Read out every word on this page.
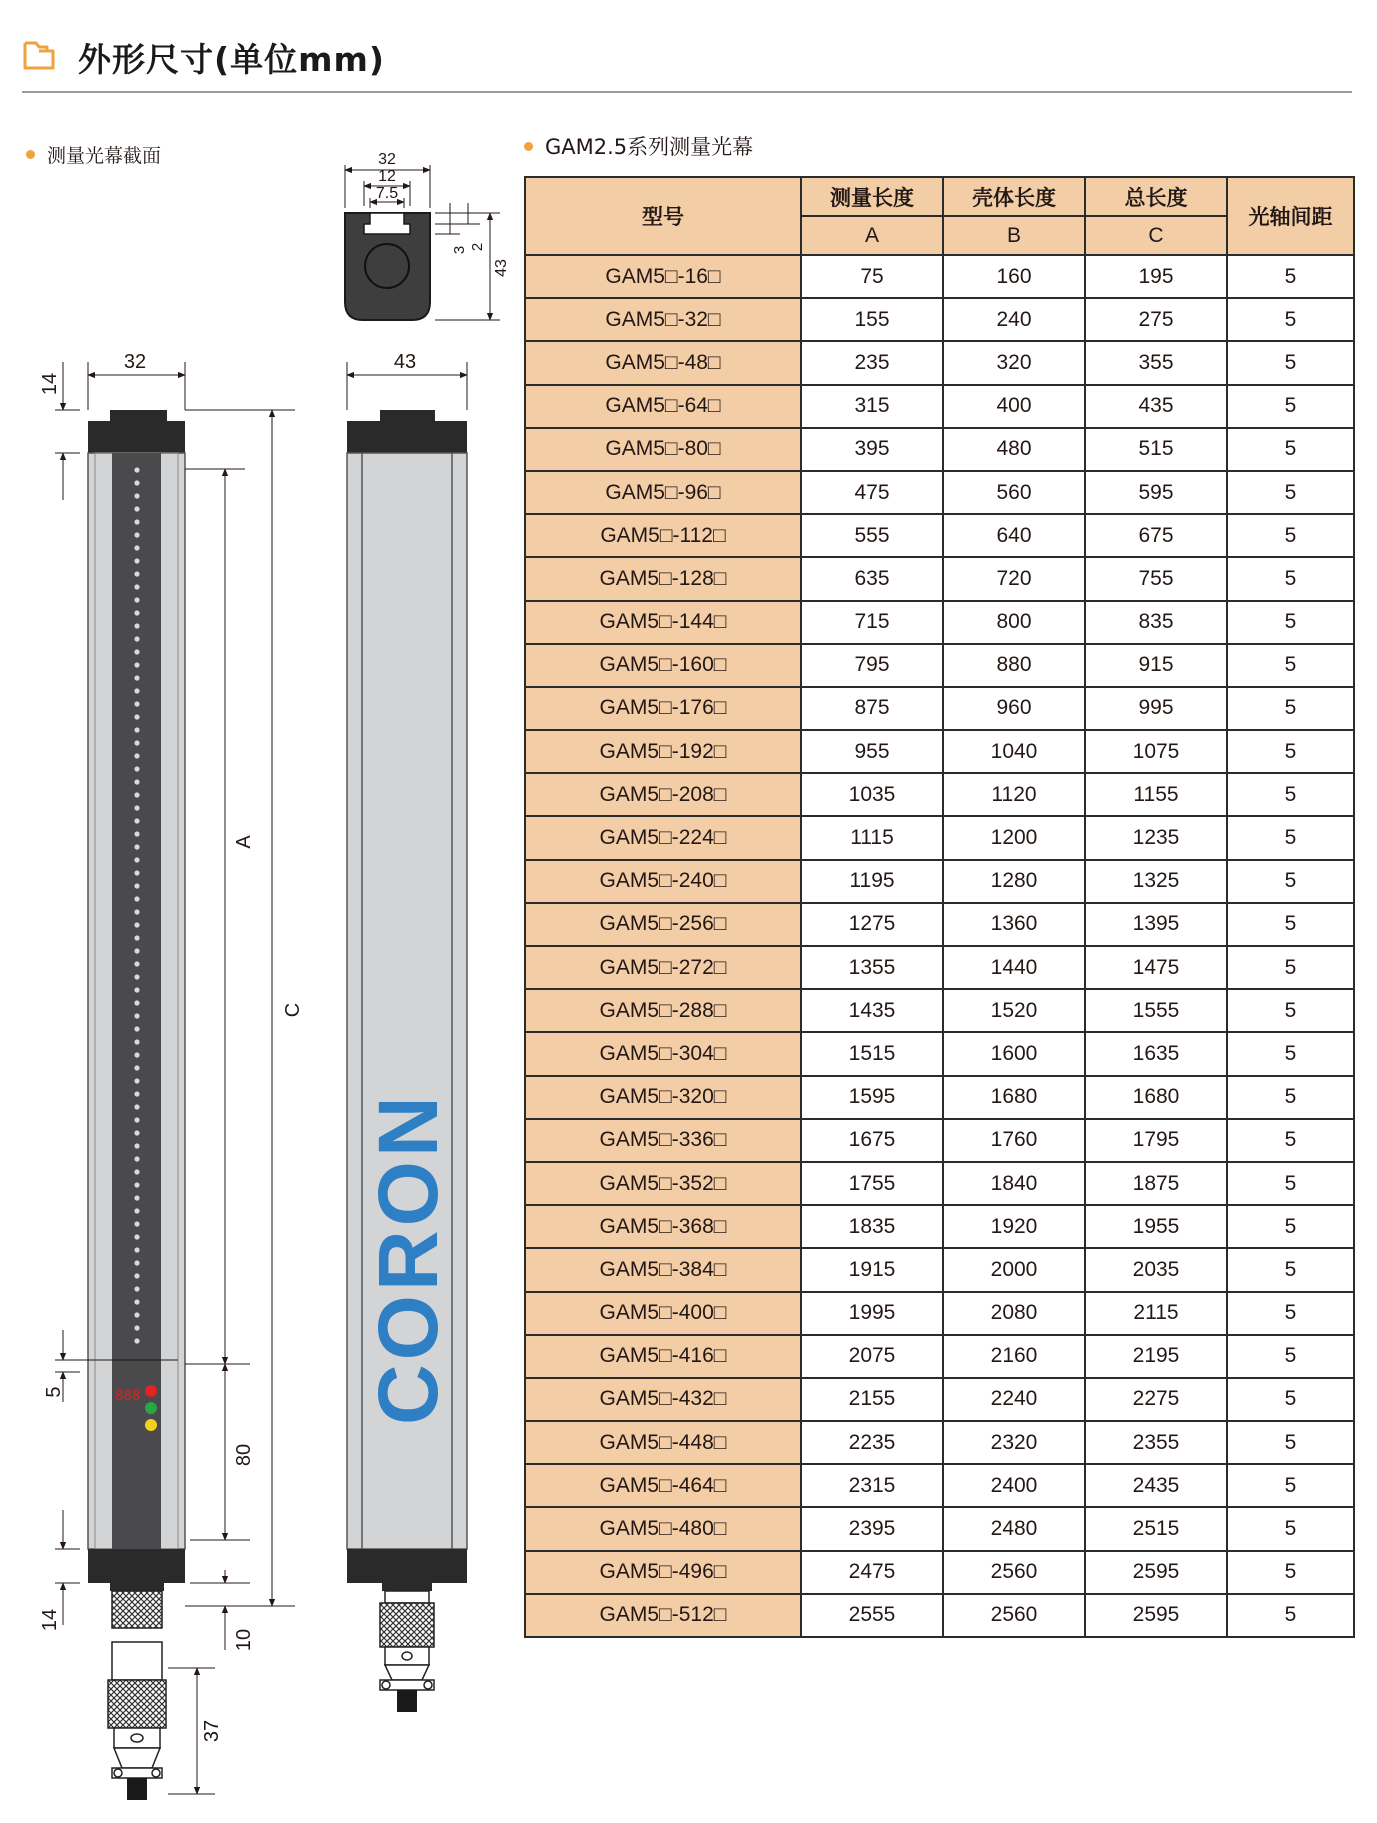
外形尺寸(单位mm)
测量光幕截面	GAM2.5系列测量光幕
32
12
7.5
2
3
43
32
888
14
5
14
A
80
C
10
37
43
CORON
型号	测量长度	壳体长度	总长度	光轴间距
	A	B	C	
GAM5□-16□	75	160	195	5
GAM5□-32□	155	240	275	5
GAM5□-48□	235	320	355	5
GAM5□-64□	315	400	435	5
GAM5□-80□	395	480	515	5
GAM5□-96□	475	560	595	5
GAM5□-112□	555	640	675	5
GAM5□-128□	635	720	755	5
GAM5□-144□	715	800	835	5
GAM5□-160□	795	880	915	5
GAM5□-176□	875	960	995	5
GAM5□-192□	955	1040	1075	5
GAM5□-208□	1035	1120	1155	5
GAM5□-224□	1115	1200	1235	5
GAM5□-240□	1195	1280	1325	5
GAM5□-256□	1275	1360	1395	5
GAM5□-272□	1355	1440	1475	5
GAM5□-288□	1435	1520	1555	5
GAM5□-304□	1515	1600	1635	5
GAM5□-320□	1595	1680	1680	5
GAM5□-336□	1675	1760	1795	5
GAM5□-352□	1755	1840	1875	5
GAM5□-368□	1835	1920	1955	5
GAM5□-384□	1915	2000	2035	5
GAM5□-400□	1995	2080	2115	5
GAM5□-416□	2075	2160	2195	5
GAM5□-432□	2155	2240	2275	5
GAM5□-448□	2235	2320	2355	5
GAM5□-464□	2315	2400	2435	5
GAM5□-480□	2395	2480	2515	5
GAM5□-496□	2475	2560	2595	5
GAM5□-512□	2555	2560	2595	5
